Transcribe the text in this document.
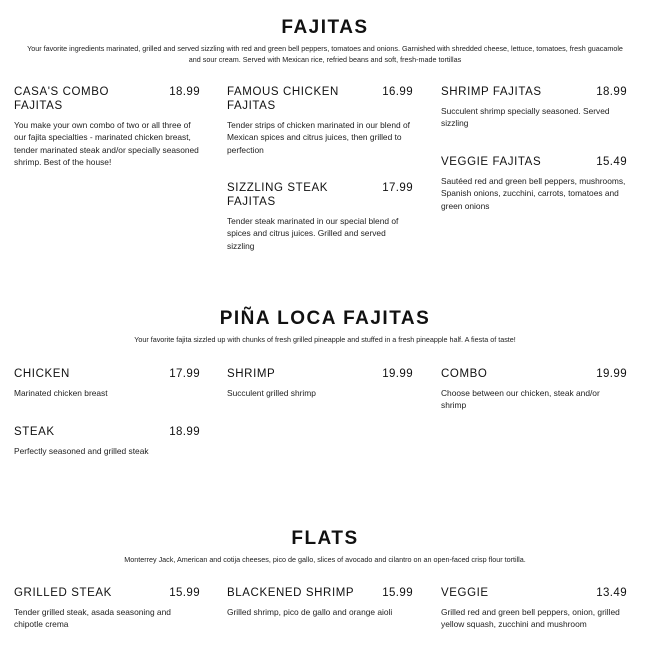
FAJITAS
Your favorite ingredients marinated, grilled and served sizzling with red and green bell peppers, tomatoes and onions. Garnished with shredded cheese, lettuce, tomatoes, fresh guacamole and sour cream. Served with Mexican rice, refried beans and soft, fresh-made tortillas
CASA'S COMBO FAJITAS
18.99
You make your own combo of two or all three of our fajita specialties - marinated chicken breast, tender marinated steak and/or specially seasoned shrimp. Best of the house!
FAMOUS CHICKEN FAJITAS
16.99
Tender strips of chicken marinated in our blend of Mexican spices and citrus juices, then grilled to perfection
SIZZLING STEAK FAJITAS
17.99
Tender steak marinated in our special blend of spices and citrus juices. Grilled and served sizzling
SHRIMP FAJITAS	18.99
Succulent shrimp specially seasoned. Served sizzling
VEGGIE FAJITAS	15.49
Sautéed red and green bell peppers, mushrooms, Spanish onions, zucchini, carrots, tomatoes and green onions
PIÑA LOCA FAJITAS
Your favorite fajita sizzled up with chunks of fresh grilled pineapple and stuffed in a fresh pineapple half. A fiesta of taste!
CHICKEN	17.99
Marinated chicken breast
STEAK	18.99
Perfectly seasoned and grilled steak
SHRIMP	19.99
Succulent grilled shrimp
COMBO	19.99
Choose between our chicken, steak and/or shrimp
FLATS
Monterrey Jack, American and cotija cheeses, pico de gallo, slices of avocado and cilantro on an open-faced crisp flour tortilla.
GRILLED STEAK	15.99
Tender grilled steak, asada seasoning and chipotle crema
BLACKENED SHRIMP 15.99
Grilled shrimp, pico de gallo and orange aioli
VEGGIE	13.49
Grilled red and green bell peppers, onion, grilled yellow squash, zucchini and mushroom
